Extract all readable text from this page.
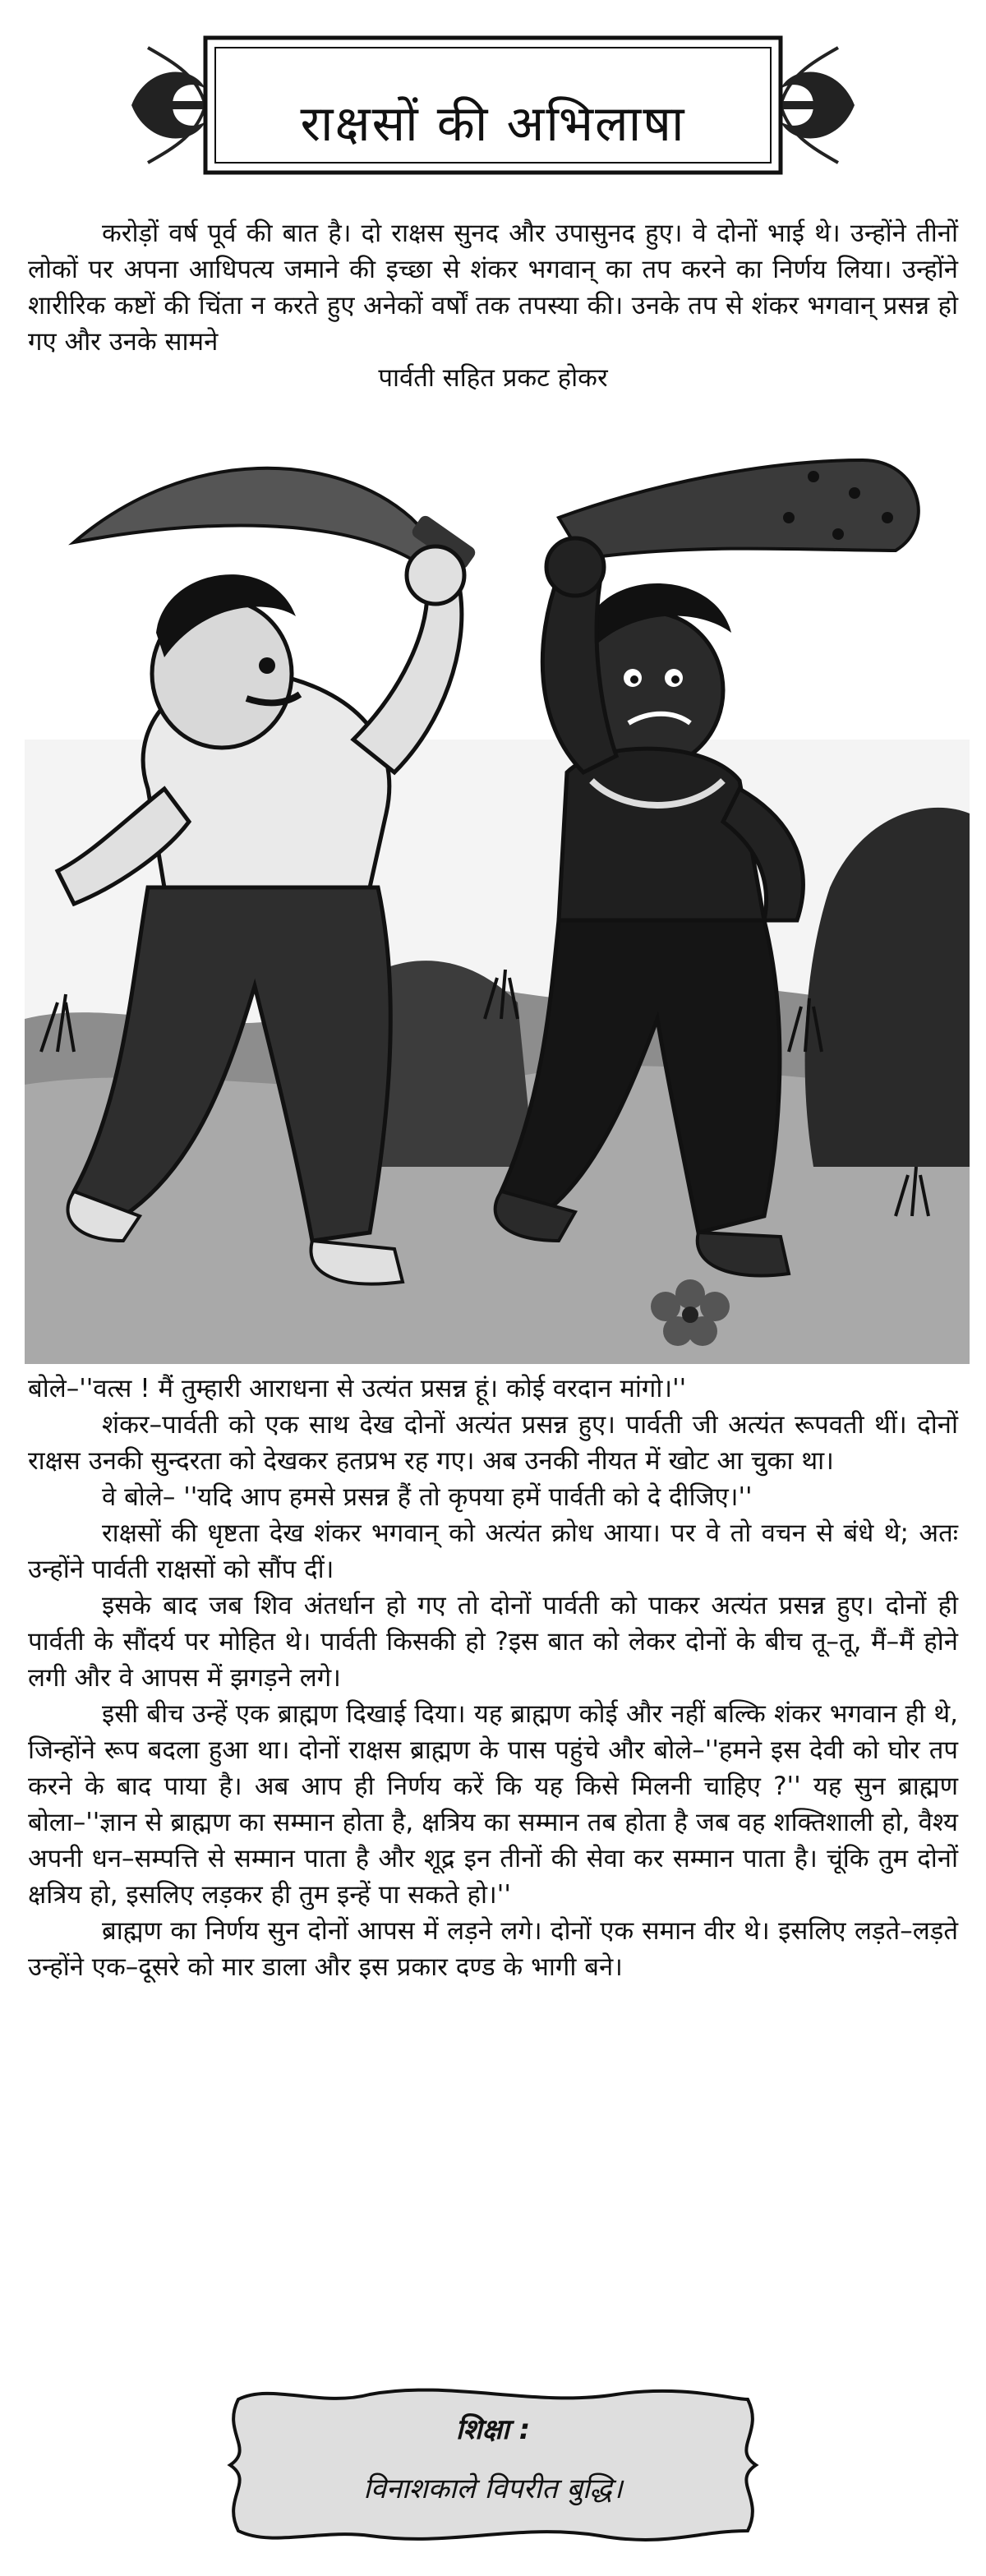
राक्षसों की अभिलाषा

करोड़ों वर्ष पूर्व की बात है। दो राक्षस सुनद और उपासुनद हुए। वे दोनों भाई थे। उन्होंने तीनों लोकों पर अपना आधिपत्य जमाने की इच्छा से शंकर भगवान् का तप करने का निर्णय लिया। उन्होंने शारीरिक कष्टों की चिंता न करते हुए अनेकों वर्षों तक तपस्या की। उनके तप से शंकर भगवान् प्रसन्न हो गए और उनके सामने

पार्वती सहित प्रकट होकर

बोले–''वत्स ! मैं तुम्हारी आराधना से उत्यंत प्रसन्न हूं। कोई वरदान मांगो।''

शंकर–पार्वती को एक साथ देख दोनों अत्यंत प्रसन्न हुए। पार्वती जी अत्यंत रूपवती थीं। दोनों राक्षस उनकी सुन्दरता को देखकर हतप्रभ रह गए। अब उनकी नीयत में खोट आ चुका था।

वे बोले– ''यदि आप हमसे प्रसन्न हैं तो कृपया हमें पार्वती को दे दीजिए।''

राक्षसों की धृष्टता देख शंकर भगवान् को अत्यंत क्रोध आया। पर वे तो वचन से बंधे थे; अतः उन्होंने पार्वती राक्षसों को सौंप दीं।

इसके बाद जब शिव अंतर्धान हो गए तो दोनों पार्वती को पाकर अत्यंत प्रसन्न हुए। दोनों ही पार्वती के सौंदर्य पर मोहित थे। पार्वती किसकी हो ?इस बात को लेकर दोनों के बीच तू–तू, मैं–मैं होने लगी और वे आपस में झगड़ने लगे।

इसी बीच उन्हें एक ब्राह्मण दिखाई दिया। यह ब्राह्मण कोई और नहीं बल्कि शंकर भगवान ही थे, जिन्होंने रूप बदला हुआ था। दोनों राक्षस ब्राह्मण के पास पहुंचे और बोले–''हमने इस देवी को घोर तप करने के बाद पाया है। अब आप ही निर्णय करें कि यह किसे मिलनी चाहिए ?'' यह सुन ब्राह्मण बोला–''ज्ञान से ब्राह्मण का सम्मान होता है, क्षत्रिय का सम्मान तब होता है जब वह शक्तिशाली हो, वैश्य अपनी धन–सम्पत्ति से सम्मान पाता है और शूद्र इन तीनों की सेवा कर सम्मान पाता है। चूंकि तुम दोनों क्षत्रिय हो, इसलिए लड़कर ही तुम इन्हें पा सकते हो।''

ब्राह्मण का निर्णय सुन दोनों आपस में लड़ने लगे। दोनों एक समान वीर थे। इसलिए लड़ते–लड़ते उन्होंने एक–दूसरे को मार डाला और इस प्रकार दण्ड के भागी बने।

शिक्षा :
विनाशकाले विपरीत बुद्धि।
